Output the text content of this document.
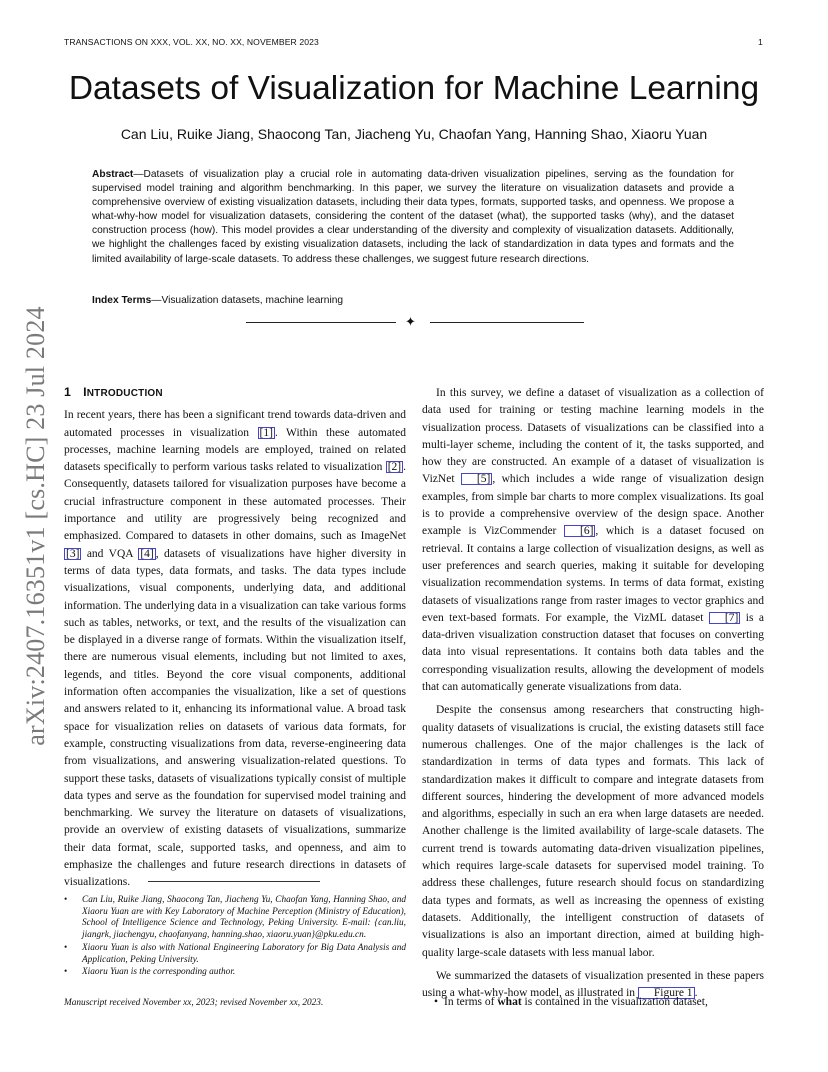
TRANSACTIONS ON XXX, VOL. XX, NO. XX, NOVEMBER 2023	1
Datasets of Visualization for Machine Learning
Can Liu, Ruike Jiang, Shaocong Tan, Jiacheng Yu, Chaofan Yang, Hanning Shao, Xiaoru Yuan

Abstract—Datasets of visualization play a crucial role in automating data-driven visualization pipelines, serving as the foundation for supervised model training and algorithm benchmarking. In this paper, we survey the literature on visualization datasets and provide a comprehensive overview of existing visualization datasets, including their data types, formats, supported tasks, and openness. We propose a what-why-how model for visualization datasets, considering the content of the dataset (what), the supported tasks (why), and the dataset construction process (how). This model provides a clear understanding of the diversity and complexity of visualization datasets. Additionally, we highlight the challenges faced by existing visualization datasets, including the lack of standardization in data types and formats and the limited availability of large-scale datasets. To address these challenges, we suggest future research directions.

Index Terms—Visualization datasets, machine learning
✦
arXiv:2407.16351v1 [cs.HC] 23 Jul 2024 1 INTRODUCTION

In recent years, there has been a significant trend towards data-driven and automated processes in visualization [1] . Within these automated processes, machine learning models are employed, trained on related datasets specifically to perform various tasks related to visualization [2] . Consequently, datasets tailored for visualization purposes have become a crucial infrastructure component in these automated processes. Their importance and utility are progressively being recognized and emphasized. Compared to datasets in other domains, such as ImageNet [3] and VQA [4] , datasets of visualizations have higher diversity in terms of data types, data formats, and tasks. The data types include visualizations, visual components, underlying data, and additional information. The underlying data in a visualization can take various forms such as tables, networks, or text, and the results of the visualization can be displayed in a diverse range of formats. Within the visualization itself, there are numerous visual elements, including but not limited to axes, legends, and titles. Beyond the core visual components, additional information often accompanies the visualization, like a set of questions and answers related to it, enhancing its informational value. A broad task space for visualization relies on datasets of various data formats, for example, constructing visualizations from data, reverse-engineering data from visualizations, and answering visualization-related questions. To support these tasks, datasets of visualizations typically consist of multiple data types and serve as the foundation for supervised model training and benchmarking. We survey the literature on datasets of visualizations, provide an overview of existing datasets of visualizations, summarize their data format, scale, supported tasks, and openness, and aim to emphasize the challenges and future research directions in datasets of visualizations.

• Can Liu, Ruike Jiang, Shaocong Tan, Jiacheng Yu, Chaofan Yang, Hanning Shao, and Xiaoru Yuan are with Key Laboratory of Machine Perception (Ministry of Education), School of Intelligence Science and Technology, Peking University. E-mail: {can.liu, jiangrk, jiachengyu, chaofanyang, hanning.shao, xiaoru.yuan}@pku.edu.cn.
• Xiaoru Yuan is also with National Engineering Laboratory for Big Data Analysis and Application, Peking University.
• Xiaoru Yuan is the corresponding author.
Manuscript received November xx, 2023; revised November xx, 2023.

In this survey, we define a dataset of visualization as a collection of data used for training or testing machine learning models in the visualization process. Datasets of visualizations can be classified into a multi-layer scheme, including the content of it, the tasks supported, and how they are constructed. An example of a dataset of visualization is VizNet [5] , which includes a wide range of visualization design examples, from simple bar charts to more complex visualizations. Its goal is to provide a comprehensive overview of the design space. Another example is VizCommender [6] , which is a dataset focused on retrieval. It contains a large collection of visualization designs, as well as user preferences and search queries, making it suitable for developing visualization recommendation systems. In terms of data format, existing datasets of visualizations range from raster images to vector graphics and even text-based formats. For example, the VizML dataset [7] is a data-driven visualization construction dataset that focuses on converting data into visual representations. It contains both data tables and the corresponding visualization results, allowing the development of models that can automatically generate visualizations from data.

Despite the consensus among researchers that constructing high-quality datasets of visualizations is crucial, the existing datasets still face numerous challenges. One of the major challenges is the lack of standardization in terms of data types and formats. This lack of standardization makes it difficult to compare and integrate datasets from different sources, hindering the development of more advanced models and algorithms, especially in such an era when large datasets are needed. Another challenge is the limited availability of large-scale datasets. The current trend is towards automating data-driven visualization pipelines, which requires large-scale datasets for supervised model training. To address these challenges, future research should focus on standardizing data types and formats, as well as increasing the openness of existing datasets. Additionally, the intelligent construction of datasets of visualizations is also an important direction, aimed at building high-quality large-scale datasets with less manual labor.

We summarized the datasets of visualization presented in these papers using a what-why-how model, as illustrated in Figure 1 .

• In terms of what is contained in the visualization dataset,
